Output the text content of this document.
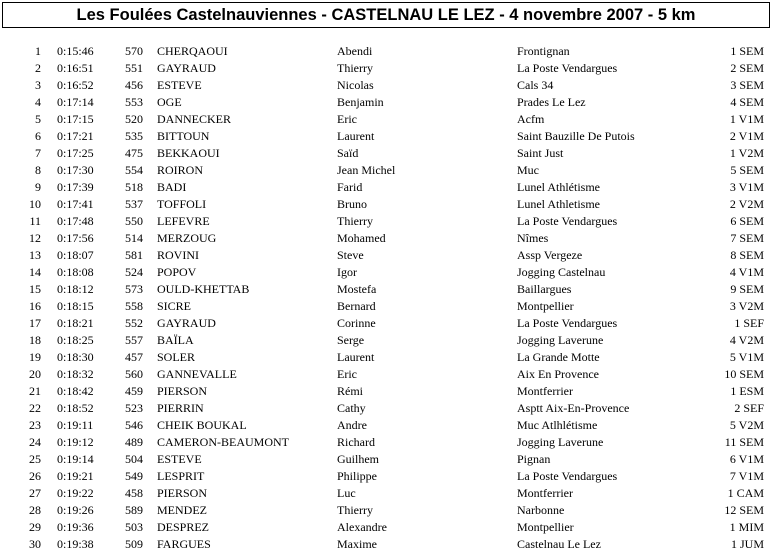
Les Foulées Castelnauviennes - CASTELNAU LE LEZ - 4 novembre 2007 - 5 km
1 0:15:46	570 CHERQAOUI	Abendi	Frontignan	1 SEM
2 0:16:51	551 GAYRAUD	Thierry	La Poste Vendargues	2 SEM
3 0:16:52	456 ESTEVE	Nicolas	Cals 34	3 SEM
4 0:17:14	553 OGE	Benjamin	Prades Le Lez	4 SEM
5 0:17:15	520 DANNECKER	Eric	Acfm	1 V1M
6 0:17:21	535 BITTOUN	Laurent	Saint Bauzille De Putois	2 V1M
7 0:17:25	475 BEKKAOUI	Saïd	Saint Just	1 V2M
8 0:17:30	554 ROIRON	Jean Michel	Muc	5 SEM
9 0:17:39	518 BADI	Farid	Lunel Athlétisme	3 V1M
10 0:17:41	537 TOFFOLI	Bruno	Lunel Athletisme	2 V2M
11 0:17:48	550 LEFEVRE	Thierry	La Poste Vendargues	6 SEM
12 0:17:56	514 MERZOUG	Mohamed	Nîmes	7 SEM
13 0:18:07	581 ROVINI	Steve	Assp Vergeze	8 SEM
14 0:18:08	524 POPOV	Igor	Jogging Castelnau	4 V1M
15 0:18:12	573 OULD-KHETTAB	Mostefa	Baillargues	9 SEM
16 0:18:15	558 SICRE	Bernard	Montpellier	3 V2M
17 0:18:21	552 GAYRAUD	Corinne	La Poste Vendargues	1 SEF
18 0:18:25	557 BAÏLA	Serge	Jogging Laverune	4 V2M
19 0:18:30	457 SOLER	Laurent	La Grande Motte	5 V1M
20 0:18:32	560 GANNEVALLE	Eric	Aix En Provence	10 SEM
21 0:18:42	459 PIERSON	Rémi	Montferrier	1 ESM
22 0:18:52	523 PIERRIN	Cathy	Asptt Aix-En-Provence	2 SEF
23 0:19:11	546 CHEIK BOUKAL	Andre	Muc Atlhlétisme	5 V2M
24 0:19:12	489 CAMERON-BEAUMONT	Richard	Jogging Laverune	11 SEM
25 0:19:14	504 ESTEVE	Guilhem	Pignan	6 V1M
26 0:19:21	549 LESPRIT	Philippe	La Poste Vendargues	7 V1M
27 0:19:22	458 PIERSON	Luc	Montferrier	1 CAM
28 0:19:26	589 MENDEZ	Thierry	Narbonne	12 SEM
29 0:19:36	503 DESPREZ	Alexandre	Montpellier	1 MIM
30 0:19:38	509 FARGUES	Maxime	Castelnau Le Lez	1 JUM
